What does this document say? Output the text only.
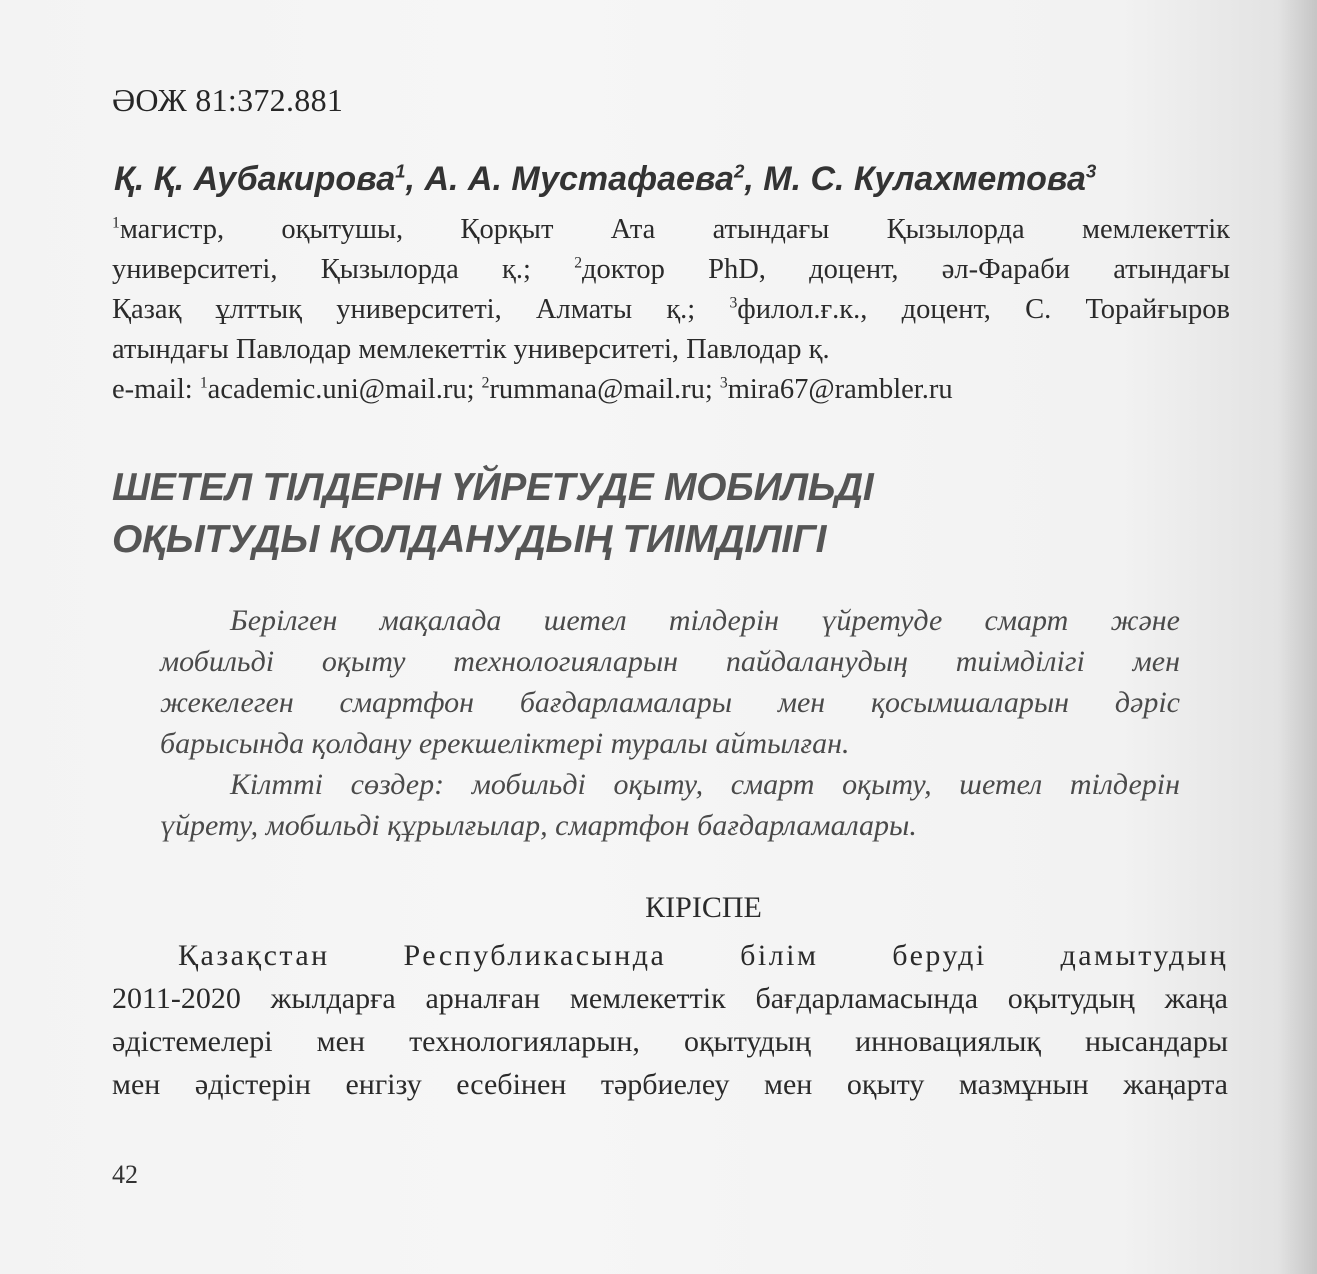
ӘОЖ 81:372.881
Қ. Қ. Аубакирова$^1$, А. А. Мустафаева$^2$, М. С. Кулахметова$^3$
$^1$магистр, оқытушы, Қорқыт Ата атындағы Қызылорда мемлекеттік
университеті, Қызылорда қ.; $^2$доктор PhD, доцент, әл-Фараби атындағы
Қазақ ұлттық университеті, Алматы қ.; $^3$филол.ғ.к., доцент, С. Торайғыров
атындағы Павлодар мемлекеттік университеті, Павлодар қ.
e-mail: $^1$academic.uni@mail.ru; $^2$rummana@mail.ru; $^3$mira67@rambler.ru
ШЕТЕЛ ТІЛДЕРІН ҮЙРЕТУДЕ МОБИЛЬДІ
ОҚЫТУДЫ ҚОЛДАНУДЫҢ ТИІМДІЛІГІ
Берілген мақалада шетел тілдерін үйретуде смарт және
мобильді оқыту технологияларын пайдаланудың тиімділігі мен
жекелеген смартфон бағдарламалары мен қосымшаларын дәріс
барысында қолдану ерекшеліктері туралы айтылған.
Кілтті сөздер: мобильді оқыту, смарт оқыту, шетел тілдерін
үйрету, мобильді құрылғылар, смартфон бағдарламалары.
КІРІСПЕ
Қазақстан Республикасында білім беруді дамытудың
2011-2020 жылдарға арналған мемлекеттік бағдарламасында оқытудың жаңа
әдістемелері мен технологияларын, оқытудың инновациялық нысандары
мен әдістерін енгізу есебінен тәрбиелеу мен оқыту мазмұнын жаңарта
42
